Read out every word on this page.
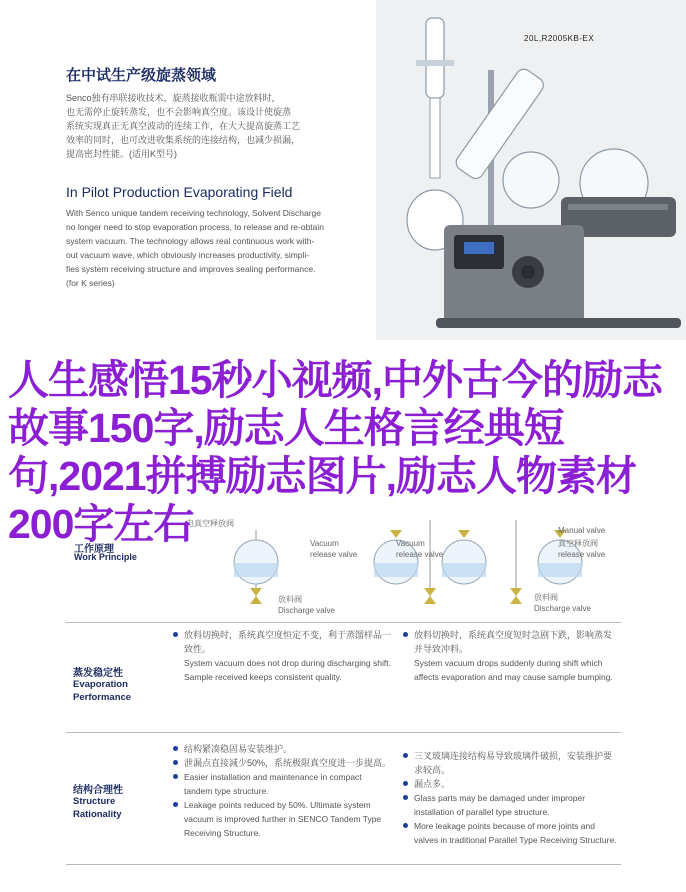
在中试生产级旋蒸领域
Senco独有串联接收技术，旋蒸接收瓶需中途放料时，
也无需停止旋转蒸发，也不会影响真空度。该设计使旋蒸
系统实现真正无真空波动的连续工作，在大大提高旋蒸工艺
效率的同时，也可改进收集系统的连接结构，也减少损漏，
提高密封性能。(适用K型号)
In Pilot Production Evaporating Field
With Senco unique tandem receiving technology, Solvent Discharge
no longer need to stop evaporation process, to release and re-obtain
system vacuum. The technology allows real continuous work with-
out vacuum wave, which obviously increases productivity, simpli-
fies system receiving structure and improves sealing performance.
(for K series)
20L,R2005KB-EX
工作原理
Work Principle
放料阀
Discharge valve
Vacuum
release valve
Vacuum
release valve
Manual valve
真空释放阀
release valve
放料阀
Discharge valve
电真空释放阀
人生感悟15秒小视频,中外古今的励志故事150字,励志人生格言经典短句,2021拼搏励志图片,励志人物素材200字左右
蒸发稳定性
Evaporation
Performance
放料切换时，系统真空度恒定不变，利于蒸馏样品一致性。
System vacuum does not drop during discharging shift. Sample received keeps consistent quality.
放料切换时，系统真空度短时急剧下跌，影响蒸发并导致冲料。
System vacuum drops suddenly during shift which affects evaporation and may cause sample bumping.
结构合理性
Structure
Rationality
结构紧凑稳固易安装维护。
泄漏点直接减少50%，系统极限真空度进一步提高。
Easier installation and maintenance in compact tandem type structure.
Leakage points reduced by 50%. Ultimate system vacuum is improved further in SENCO Tandem Type Receiving Structure.
三叉玻璃连接结构易导致玻璃件破损，安装维护要求较高。
漏点多。
Glass parts may be damaged under improper installation of parallel type structure.
More leakage points because of more joints and valves in traditional Parallel Type Receiving Structure.
